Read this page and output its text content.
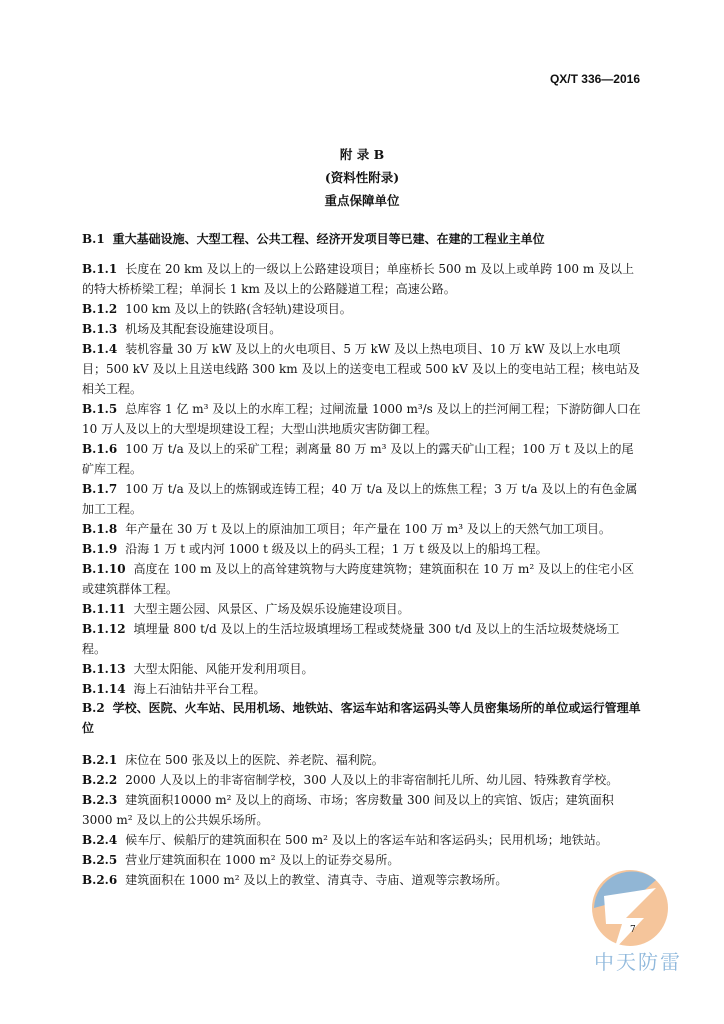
QX/T 336—2016
附 录 B
(资料性附录)
重点保障单位
B.1 重大基础设施、大型工程、公共工程、经济开发项目等已建、在建的工程业主单位
B.1.1 长度在 20 km 及以上的一级以上公路建设项目；单座桥长 500 m 及以上或单跨 100 m 及以上的特大桥桥梁工程；单洞长 1 km 及以上的公路隧道工程；高速公路。
B.1.2 100 km 及以上的铁路(含轻轨)建设项目。
B.1.3 机场及其配套设施建设项目。
B.1.4 装机容量 30 万 kW 及以上的火电项目、5 万 kW 及以上热电项目、10 万 kW 及以上水电项目；500 kV 及以上且送电线路 300 km 及以上的送变电工程或 500 kV 及以上的变电站工程；核电站及相关工程。
B.1.5 总库容 1 亿 m³ 及以上的水库工程；过闸流量 1000 m³/s 及以上的拦河闸工程；下游防御人口在 10 万人及以上的大型堤坝建设工程；大型山洪地质灾害防御工程。
B.1.6 100 万 t/a 及以上的采矿工程；剥离量 80 万 m³ 及以上的露天矿山工程；100 万 t 及以上的尾矿库工程。
B.1.7 100 万 t/a 及以上的炼钢或连铸工程；40 万 t/a 及以上的炼焦工程；3 万 t/a 及以上的有色金属加工工程。
B.1.8 年产量在 30 万 t 及以上的原油加工项目；年产量在 100 万 m³ 及以上的天然气加工项目。
B.1.9 沿海 1 万 t 或内河 1000 t 级及以上的码头工程；1 万 t 级及以上的船坞工程。
B.1.10 高度在 100 m 及以上的高耸建筑物与大跨度建筑物；建筑面积在 10 万 m² 及以上的住宅小区或建筑群体工程。
B.1.11 大型主题公园、风景区、广场及娱乐设施建设项目。
B.1.12 填埋量 800 t/d 及以上的生活垃圾填埋场工程或焚烧量 300 t/d 及以上的生活垃圾焚烧场工程。
B.1.13 大型太阳能、风能开发利用项目。
B.1.14 海上石油钻井平台工程。
B.2 学校、医院、火车站、民用机场、地铁站、客运车站和客运码头等人员密集场所的单位或运行管理单位
B.2.1 床位在 500 张及以上的医院、养老院、福利院。
B.2.2 2000 人及以上的非寄宿制学校，300 人及以上的非寄宿制托儿所、幼儿园、特殊教育学校。
B.2.3 建筑面积10000 m² 及以上的商场、市场；客房数量 300 间及以上的宾馆、饭店；建筑面积 3000 m² 及以上的公共娱乐场所。
B.2.4 候车厅、候船厅的建筑面积在 500 m² 及以上的客运车站和客运码头；民用机场；地铁站。
B.2.5 营业厅建筑面积在 1000 m² 及以上的证券交易所。
B.2.6 建筑面积在 1000 m² 及以上的教堂、清真寺、寺庙、道观等宗教场所。
7
中天防雷
